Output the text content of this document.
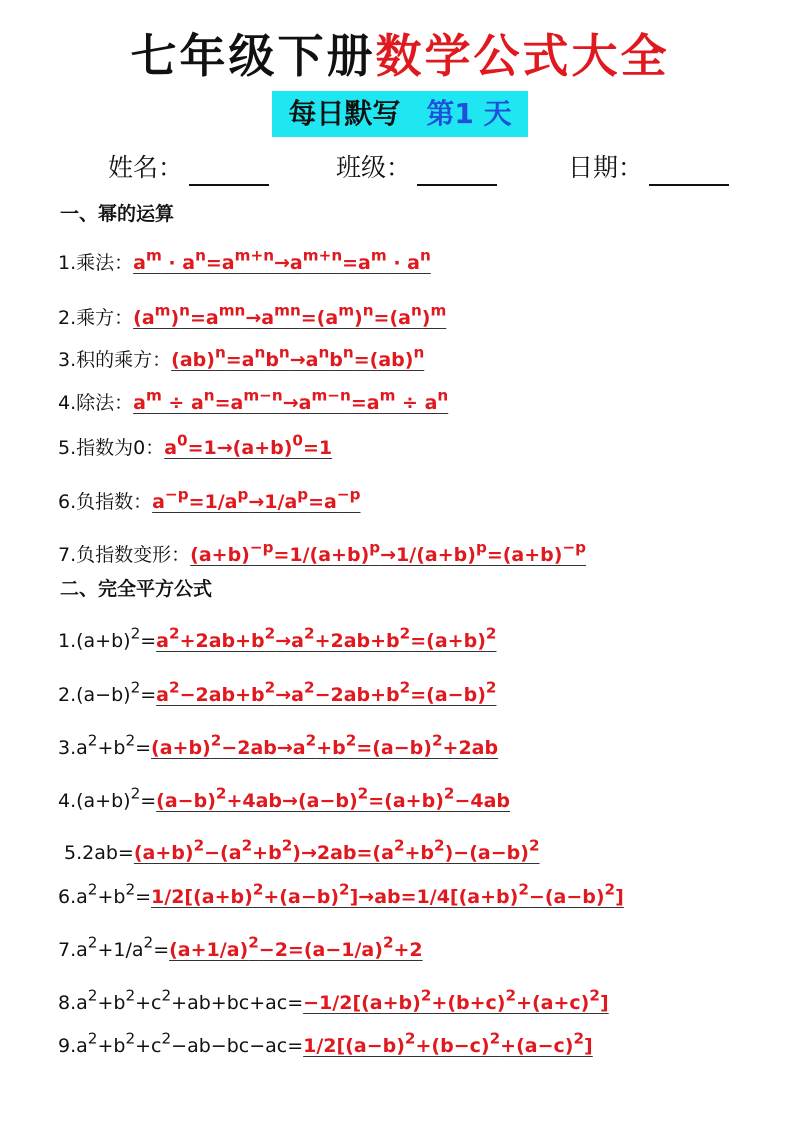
七年级下册数学公式大全
每日默写 第1 天
姓名：	班级：	日期：
一、幂的运算
1.乘法：$a^m \cdot a^n=a^{m+n}\to a^{m+n}=a^m \cdot a^n$
2.乘方：$(a^m)^n=a^{mn}\to a^{mn}=(a^m)^n=(a^n)^m$
3.积的乘方：$(ab)^n=a^nb^n\to a^nb^n=(ab)^n$
4.除法：$a^m \div a^n=a^{m-n}\to a^{m-n}=a^m \div a^n$
5.指数为0：$a^0=1\to(a+b)^0=1$
6.负指数：$a^{-p}=1/a^p\to 1/a^p=a^{-p}$
7.负指数变形：$(a+b)^{-p}=1/(a+b)^p\to 1/(a+b)^p=(a+b)^{-p}$
二、完全平方公式
$1.(a+b)^2=a^2+2ab+b^2\to a^2+2ab+b^2=(a+b)^2$
$2.(a-b)^2=a^2-2ab+b^2\to a^2-2ab+b^2=(a-b)^2$
$3.a^2+b^2=(a+b)^2-2ab\to a^2+b^2=(a-b)^2+2ab$
$4.(a+b)^2=(a-b)^2+4ab\to(a-b)^2=(a+b)^2-4ab$
$5.2ab=(a+b)^2-(a^2+b^2)\to 2ab=(a^2+b^2)-(a-b)^2$
$6.a^2+b^2=1/2[(a+b)^2+(a-b)^2]\to ab=1/4[(a+b)^2-(a-b)^2]$
$7.a^2+1/a^2=(a+1/a)^2-2=(a-1/a)^2+2$
$8.a^2+b^2+c^2+ab+bc+ac=-1/2[(a+b)^2+(b+c)^2+(a+c)^2]$
$9.a^2+b^2+c^2-ab-bc-ac=1/2[(a-b)^2+(b-c)^2+(a-c)^2]$
